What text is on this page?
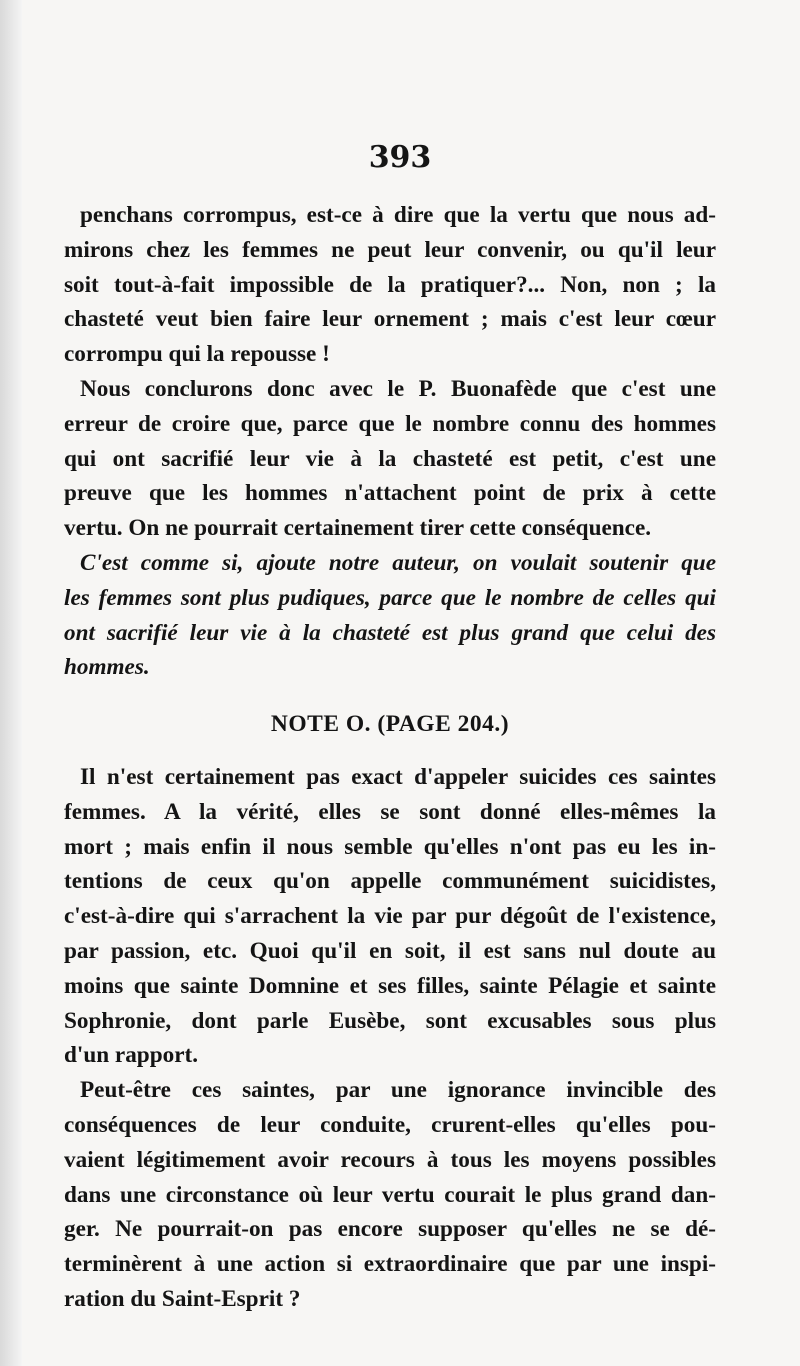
393
penchans corrompus, est-ce à dire que la vertu que nous ad-
mirons chez les femmes ne peut leur convenir, ou qu'il leur
soit tout-à-fait impossible de la pratiquer?... Non, non ; la
chasteté veut bien faire leur ornement ; mais c'est leur cœur
corrompu qui la repousse !
Nous conclurons donc avec le P. Buonafède que c'est une
erreur de croire que, parce que le nombre connu des hommes
qui ont sacrifié leur vie à la chasteté est petit, c'est une
preuve que les hommes n'attachent point de prix à cette
vertu. On ne pourrait certainement tirer cette conséquence.
C'est comme si, ajoute notre auteur, on voulait soutenir que
les femmes sont plus pudiques, parce que le nombre de celles qui
ont sacrifié leur vie à la chasteté est plus grand que celui des
hommes.
NOTE O. (PAGE 204.)
Il n'est certainement pas exact d'appeler suicides ces saintes
femmes. A la vérité, elles se sont donné elles-mêmes la
mort ; mais enfin il nous semble qu'elles n'ont pas eu les in-
tentions de ceux qu'on appelle communément suicidistes,
c'est-à-dire qui s'arrachent la vie par pur dégoût de l'existence,
par passion, etc. Quoi qu'il en soit, il est sans nul doute au
moins que sainte Domnine et ses filles, sainte Pélagie et sainte
Sophronie, dont parle Eusèbe, sont excusables sous plus
d'un rapport.
Peut-être ces saintes, par une ignorance invincible des
conséquences de leur conduite, crurent-elles qu'elles pou-
vaient légitimement avoir recours à tous les moyens possibles
dans une circonstance où leur vertu courait le plus grand dan-
ger. Ne pourrait-on pas encore supposer qu'elles ne se dé-
terminèrent à une action si extraordinaire que par une inspi-
ration du Saint-Esprit ?
